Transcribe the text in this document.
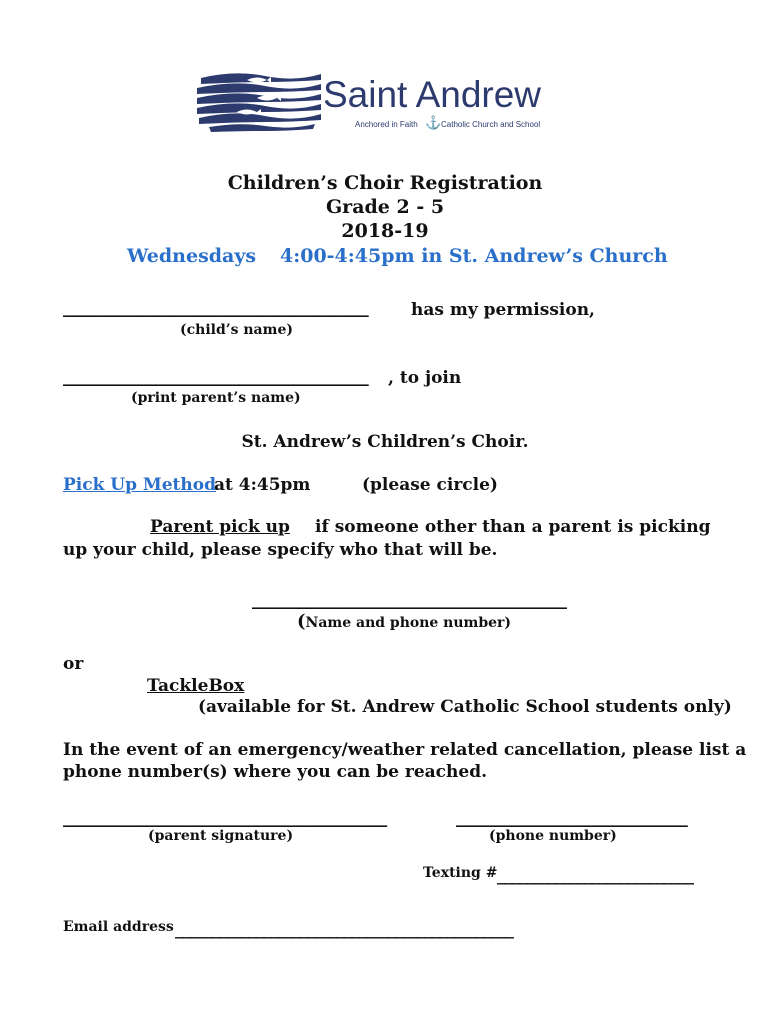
Saint Andrew
Anchored in Faith ⚓ Catholic Church and School
Children’s Choir Registration
Grade 2 - 5
2018-19
Wednesdays 4:00-4:45pm in St. Andrew’s Church
_________________________________	has my permission,
(child’s name)
_________________________________ , to join
(print parent’s name)
St. Andrew’s Children’s Choir.
Pick Up Method
at 4:45pm	(please circle)
Parent pick up if someone other than a parent is picking
up your child, please specify who that will be.
__________________________________
(Name and phone number)
or
TackleBox
(available for St. Andrew Catholic School students only)
In the event of an emergency/weather related cancellation, please list a
phone number(s) where you can be reached.
___________________________________	_________________________
(parent signature)	(phone number)
Texting # ___________________________
Email address ______________________________________________
